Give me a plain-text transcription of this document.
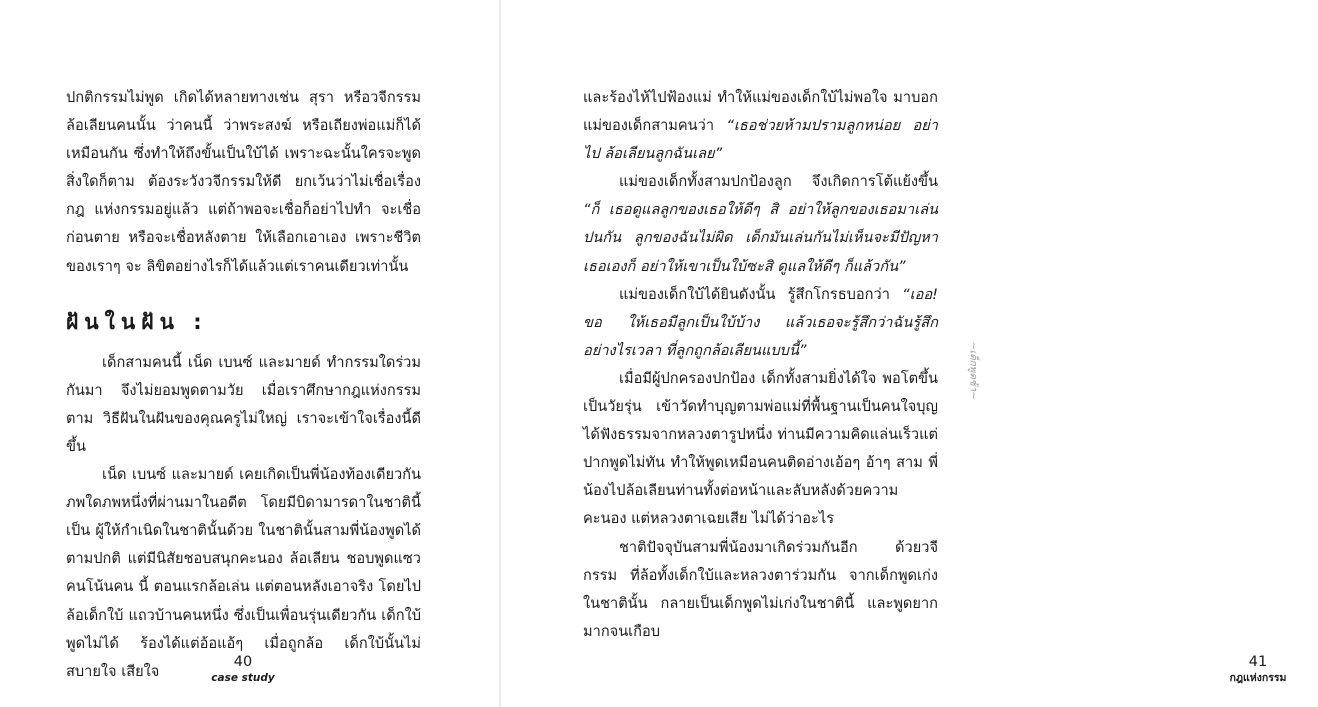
ปกติกรรมไม่พูด เกิดได้หลายทางเช่น สุรา หรือวจีกรรม ล้อเลียนคนนั้น ว่าคนนี้ ว่าพระสงฆ์ หรือเถียงพ่อแม่ก็ได้ เหมือนกัน ซึ่งทำให้ถึงขั้นเป็นใบ้ได้ เพราะฉะนั้นใครจะพูด สิ่งใดก็ตาม ต้องระวังวจีกรรมให้ดี ยกเว้นว่าไม่เชื่อเรื่องกฎ แห่งกรรมอยู่แล้ว แต่ถ้าพอจะเชื่อก็อย่าไปทำ จะเชื่อก่อนตาย หรือจะเชื่อหลังตาย ให้เลือกเอาเอง เพราะชีวิตของเราๆ จะ ลิขิตอย่างไรก็ได้แล้วแต่เราคนเดียวเท่านั้น

ฝันในฝัน :

เด็กสามคนนี้ เน็ด เบนซ์ และมายด์ ทำกรรมใดร่วม กันมา จึงไม่ยอมพูดตามวัย เมื่อเราศึกษากฎแห่งกรรมตาม วิธีฝันในฝันของคุณครูไม่ใหญ่ เราจะเข้าใจเรื่องนี้ดีขึ้น

เน็ด เบนซ์ และมายด์ เคยเกิดเป็นพี่น้องท้องเดียวกัน ภพใดภพหนึ่งที่ผ่านมาในอดีต โดยมีบิดามารดาในชาตินี้เป็น ผู้ให้กำเนิดในชาตินั้นด้วย ในชาตินั้นสามพี่น้องพูดได้ตามปกติ แต่มีนิสัยชอบสนุกคะนอง ล้อเลียน ชอบพูดแซวคนโน้นคน นี้ ตอนแรกล้อเล่น แต่ตอนหลังเอาจริง โดยไปล้อเด็กใบ้ แถวบ้านคนหนึ่ง ซึ่งเป็นเพื่อนรุ่นเดียวกัน เด็กใบ้พูดไม่ได้ ร้องได้แต่อ้อแอ้ๆ เมื่อถูกล้อ เด็กใบ้นั้นไม่สบายใจ เสียใจ

40
case study

และร้องไห้ไปฟ้องแม่ ทำให้แม่ของเด็กใบ้ไม่พอใจ มาบอก แม่ของเด็กสามคนว่า “เธอช่วยห้ามปรามลูกหน่อย อย่าไป ล้อเลียนลูกฉันเลย”

แม่ของเด็กทั้งสามปกป้องลูก จึงเกิดการโต้แย้งขึ้น “ก็ เธอดูแลลูกของเธอให้ดีๆ สิ อย่าให้ลูกของเธอมาเล่นปนกัน ลูกของฉันไม่ผิด เด็กมันเล่นกันไม่เห็นจะมีปัญหา เธอเองก็ อย่าให้เขาเป็นใบ้ซะสิ ดูแลให้ดีๆ ก็แล้วกัน”

แม่ของเด็กใบ้ได้ยินดังนั้น รู้สึกโกรธบอกว่า “เออ! ขอ ให้เธอมีลูกเป็นใบ้บ้าง แล้วเธอจะรู้สึกว่าฉันรู้สึกอย่างไรเวลา ที่ลูกถูกล้อเลียนแบบนี้”

เมื่อมีผู้ปกครองปกป้อง เด็กทั้งสามยิ่งได้ใจ พอโตขึ้น เป็นวัยรุ่น เข้าวัดทำบุญตามพ่อแม่ที่พื้นฐานเป็นคนใจบุญ ได้ฟังธรรมจากหลวงตารูปหนึ่ง ท่านมีความคิดแล่นเร็วแต่ ปากพูดไม่ทัน ทำให้พูดเหมือนคนติดอ่างเอ้อๆ อ้าๆ สาม พี่น้องไปล้อเลียนท่านทั้งต่อหน้าและลับหลังด้วยความคะนอง แต่หลวงตาเฉยเสีย ไม่ได้ว่าอะไร

ชาติปัจจุบันสามพี่น้องมาเกิดร่วมกันอีก ด้วยวจีกรรม ที่ล้อทั้งเด็กใบ้และหลวงตาร่วมกัน จากเด็กพูดเก่งในชาตินั้น กลายเป็นเด็กพูดไม่เก่งในชาตินี้ และพูดยากมากจนเกือบ

41
กฎแห่งกรรม
~เด็กพูดช้า~
